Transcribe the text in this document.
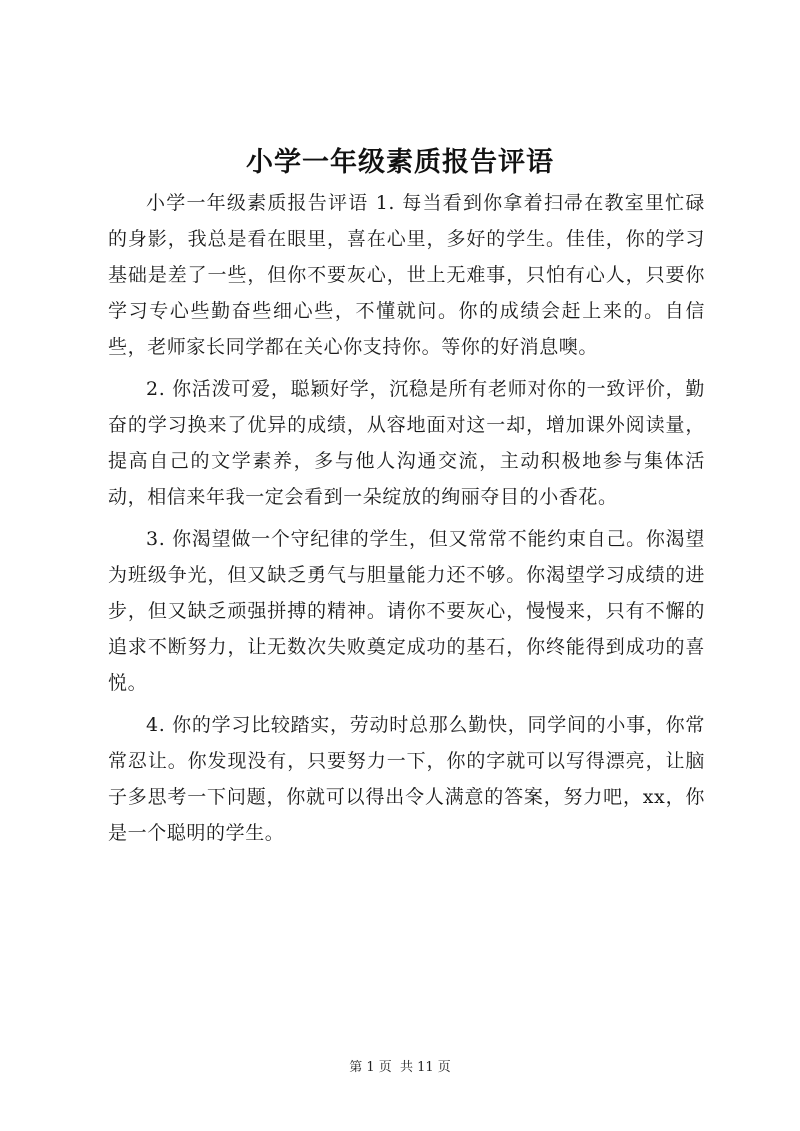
小学一年级素质报告评语

小学一年级素质报告评语 1. 每当看到你拿着扫帚在教室里忙碌的身影，我总是看在眼里，喜在心里，多好的学生。佳佳，你的学习基础是差了一些，但你不要灰心，世上无难事，只怕有心人，只要你学习专心些勤奋些细心些，不懂就问。你的成绩会赶上来的。自信些，老师家长同学都在关心你支持你。等你的好消息噢。

2. 你活泼可爱，聪颖好学，沉稳是所有老师对你的一致评价，勤奋的学习换来了优异的成绩，从容地面对这一却，增加课外阅读量，提高自己的文学素养，多与他人沟通交流，主动积极地参与集体活动，相信来年我一定会看到一朵绽放的绚丽夺目的小香花。

3. 你渴望做一个守纪律的学生，但又常常不能约束自己。你渴望为班级争光，但又缺乏勇气与胆量能力还不够。你渴望学习成绩的进步，但又缺乏顽强拼搏的精神。请你不要灰心，慢慢来，只有不懈的追求不断努力，让无数次失败奠定成功的基石，你终能得到成功的喜悦。

4. 你的学习比较踏实，劳动时总那么勤快，同学间的小事，你常常忍让。你发现没有，只要努力一下，你的字就可以写得漂亮，让脑子多思考一下问题，你就可以得出令人满意的答案，努力吧，xx，你是一个聪明的学生。

第 1 页 共 11 页
